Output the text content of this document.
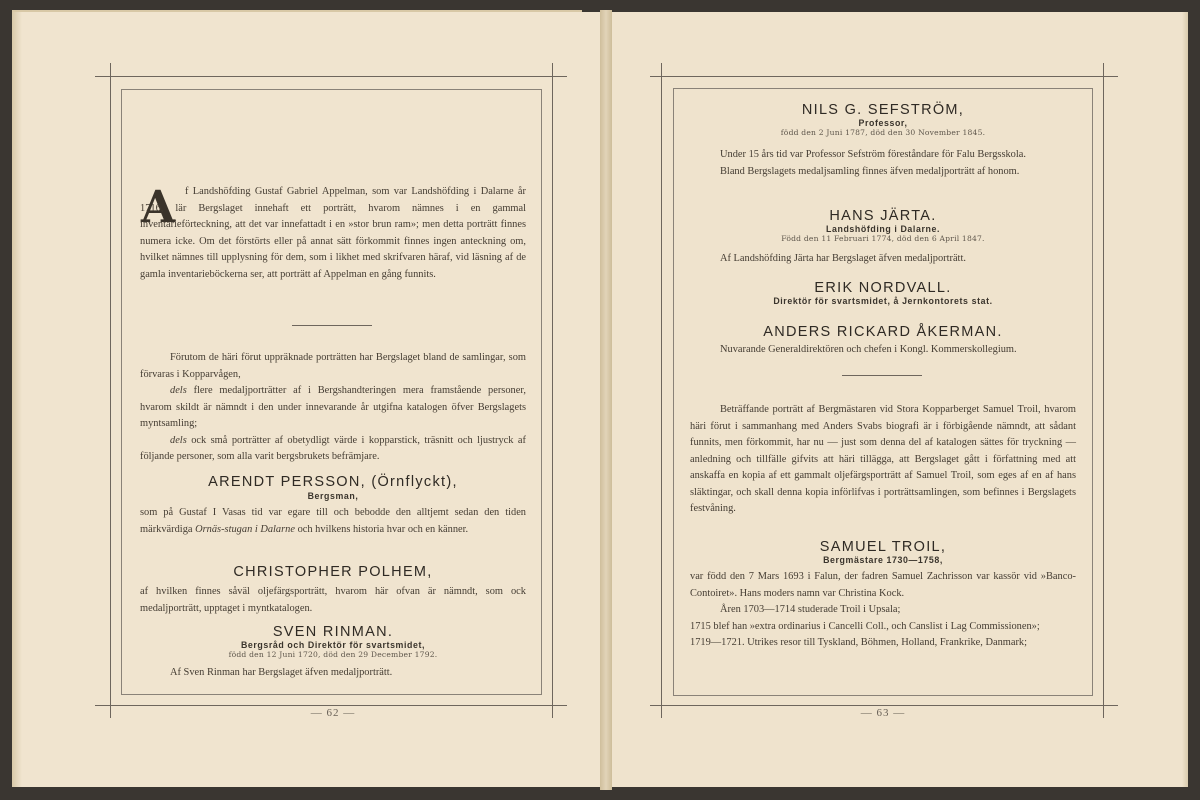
— 62 —
A f Landshöfding Gustaf Gabriel Appelman, som var Landshöfding i Dalarne år 1716, lär Bergslaget innehaft ett porträtt, hvarom nämnes i en gammal inventarieförteckning, att det var innefattadt i en »stor brun ram»; men detta porträtt finnes numera icke. Om det förstörts eller på annat sätt förkommit finnes ingen anteckning om, hvilket nämnes till upplysning för dem, som i likhet med skrifvaren häraf, vid läsning af de gamla inventarieböckerna ser, att porträtt af Appelman en gång funnits.

Förutom de häri förut uppräknade porträtten har Bergslaget bland de samlingar, som förvaras i Kopparvågen,

dels flere medaljporträtter af i Bergshandteringen mera framstående personer, hvarom skildt är nämndt i den under innevarande år utgifna katalogen öfver Bergslagets myntsamling;

dels ock små porträtter af obetydligt värde i kopparstick, träsnitt och ljustryck af följande personer, som alla varit bergsbrukets befrämjare.

ARENDT PERSSON, (Örnflyckt),
Bergsman,

som på Gustaf I Vasas tid var egare till och bebodde den alltjemt sedan den tiden märkvärdiga Ornäs-stugan i Dalarne och hvilkens historia hvar och en känner.

CHRISTOPHER POLHEM,

af hvilken finnes såväl oljefärgsporträtt, hvarom här ofvan är nämndt, som ock medaljporträtt, upptaget i myntkatalogen.

SVEN RINMAN.
Bergsråd och Direktör för svartsmidet,
född den 12 Juni 1720, död den 29 December 1792.

Af Sven Rinman har Bergslaget äfven medaljporträtt.

— 63 —
NILS G. SEFSTRÖM,
Professor,
född den 2 Juni 1787, död den 30 November 1845.

Under 15 års tid var Professor Sefström föreståndare för Falu Bergsskola.

Bland Bergslagets medaljsamling finnes äfven medaljporträtt af honom.

HANS JÄRTA.
Landshöfding i Dalarne.
Född den 11 Februari 1774, död den 6 April 1847.

Af Landshöfding Järta har Bergslaget äfven medaljporträtt.

ERIK NORDVALL.
Direktör för svartsmidet, å Jernkontorets stat.
ANDERS RICKARD ÅKERMAN.

Nuvarande Generaldirektören och chefen i Kongl. Kommerskollegium.

Beträffande porträtt af Bergmästaren vid Stora Kopparberget Samuel Troil, hvarom häri förut i sammanhang med Anders Svabs biografi är i förbigående nämndt, att sådant funnits, men förkommit, har nu — just som denna del af katalogen sättes för tryckning — anledning och tillfälle gifvits att häri tillägga, att Bergslaget gått i författning med att anskaffa en kopia af ett gammalt oljefärgsporträtt af Samuel Troil, som eges af en af hans släktingar, och skall denna kopia införlifvas i porträttsamlingen, som befinnes i Bergslagets festvåning.

SAMUEL TROIL,
Bergmästare 1730—1758,

var född den 7 Mars 1693 i Falun, der fadren Samuel Zachrisson var kassör vid »Banco-Contoiret». Hans moders namn var Christina Kock.

Åren 1703—1714 studerade Troil i Upsala;

1715 blef han »extra ordinarius i Cancelli Coll., och Canslist i Lag Commissionen»;

1719—1721. Utrikes resor till Tyskland, Böhmen, Holland, Frankrike, Danmark;
